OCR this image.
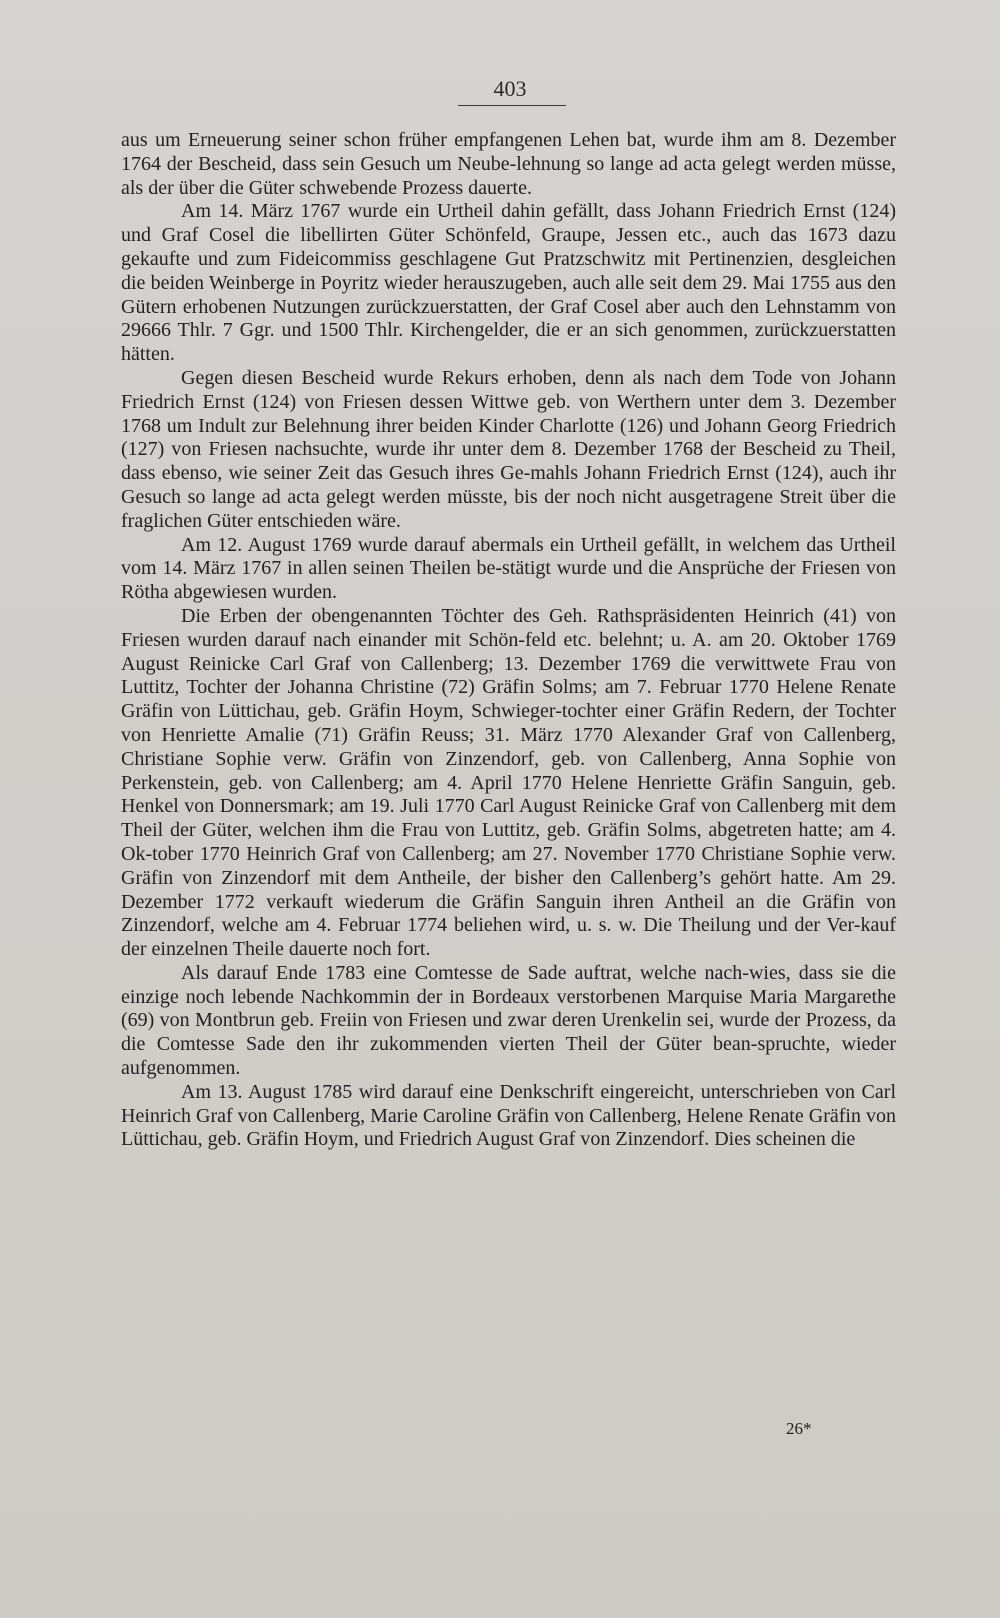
403

aus um Erneuerung seiner schon früher empfangenen Lehen bat, wurde ihm am 8. Dezember 1764 der Bescheid, dass sein Gesuch um Neube-lehnung so lange ad acta gelegt werden müsse, als der über die Güter schwebende Prozess dauerte.

Am 14. März 1767 wurde ein Urtheil dahin gefällt, dass Johann Friedrich Ernst (124) und Graf Cosel die libellirten Güter Schönfeld, Graupe, Jessen etc., auch das 1673 dazu gekaufte und zum Fideicommiss geschlagene Gut Pratzschwitz mit Pertinenzien, desgleichen die beiden Weinberge in Poyritz wieder herauszugeben, auch alle seit dem 29. Mai 1755 aus den Gütern erhobenen Nutzungen zurückzuerstatten, der Graf Cosel aber auch den Lehnstamm von 29666 Thlr. 7 Ggr. und 1500 Thlr. Kirchengelder, die er an sich genommen, zurückzuerstatten hätten.

Gegen diesen Bescheid wurde Rekurs erhoben, denn als nach dem Tode von Johann Friedrich Ernst (124) von Friesen dessen Wittwe geb. von Werthern unter dem 3. Dezember 1768 um Indult zur Belehnung ihrer beiden Kinder Charlotte (126) und Johann Georg Friedrich (127) von Friesen nachsuchte, wurde ihr unter dem 8. Dezember 1768 der Bescheid zu Theil, dass ebenso, wie seiner Zeit das Gesuch ihres Ge-mahls Johann Friedrich Ernst (124), auch ihr Gesuch so lange ad acta gelegt werden müsste, bis der noch nicht ausgetragene Streit über die fraglichen Güter entschieden wäre.

Am 12. August 1769 wurde darauf abermals ein Urtheil gefällt, in welchem das Urtheil vom 14. März 1767 in allen seinen Theilen be-stätigt wurde und die Ansprüche der Friesen von Rötha abgewiesen wurden.

Die Erben der obengenannten Töchter des Geh. Rathspräsidenten Heinrich (41) von Friesen wurden darauf nach einander mit Schön-feld etc. belehnt; u. A. am 20. Oktober 1769 August Reinicke Carl Graf von Callenberg; 13. Dezember 1769 die verwittwete Frau von Luttitz, Tochter der Johanna Christine (72) Gräfin Solms; am 7. Februar 1770 Helene Renate Gräfin von Lüttichau, geb. Gräfin Hoym, Schwieger-tochter einer Gräfin Redern, der Tochter von Henriette Amalie (71) Gräfin Reuss; 31. März 1770 Alexander Graf von Callenberg, Christiane Sophie verw. Gräfin von Zinzendorf, geb. von Callenberg, Anna Sophie von Perkenstein, geb. von Callenberg; am 4. April 1770 Helene Henriette Gräfin Sanguin, geb. Henkel von Donnersmark; am 19. Juli 1770 Carl August Reinicke Graf von Callenberg mit dem Theil der Güter, welchen ihm die Frau von Luttitz, geb. Gräfin Solms, abgetreten hatte; am 4. Ok-tober 1770 Heinrich Graf von Callenberg; am 27. November 1770 Christiane Sophie verw. Gräfin von Zinzendorf mit dem Antheile, der bisher den Callenberg’s gehört hatte. Am 29. Dezember 1772 verkauft wiederum die Gräfin Sanguin ihren Antheil an die Gräfin von Zinzendorf, welche am 4. Februar 1774 beliehen wird, u. s. w. Die Theilung und der Ver-kauf der einzelnen Theile dauerte noch fort.

Als darauf Ende 1783 eine Comtesse de Sade auftrat, welche nach-wies, dass sie die einzige noch lebende Nachkommin der in Bordeaux verstorbenen Marquise Maria Margarethe (69) von Montbrun geb. Freiin von Friesen und zwar deren Urenkelin sei, wurde der Prozess, da die Comtesse Sade den ihr zukommenden vierten Theil der Güter bean-spruchte, wieder aufgenommen.

Am 13. August 1785 wird darauf eine Denkschrift eingereicht, unterschrieben von Carl Heinrich Graf von Callenberg, Marie Caroline Gräfin von Callenberg, Helene Renate Gräfin von Lüttichau, geb. Gräfin Hoym, und Friedrich August Graf von Zinzendorf. Dies scheinen die

26*
